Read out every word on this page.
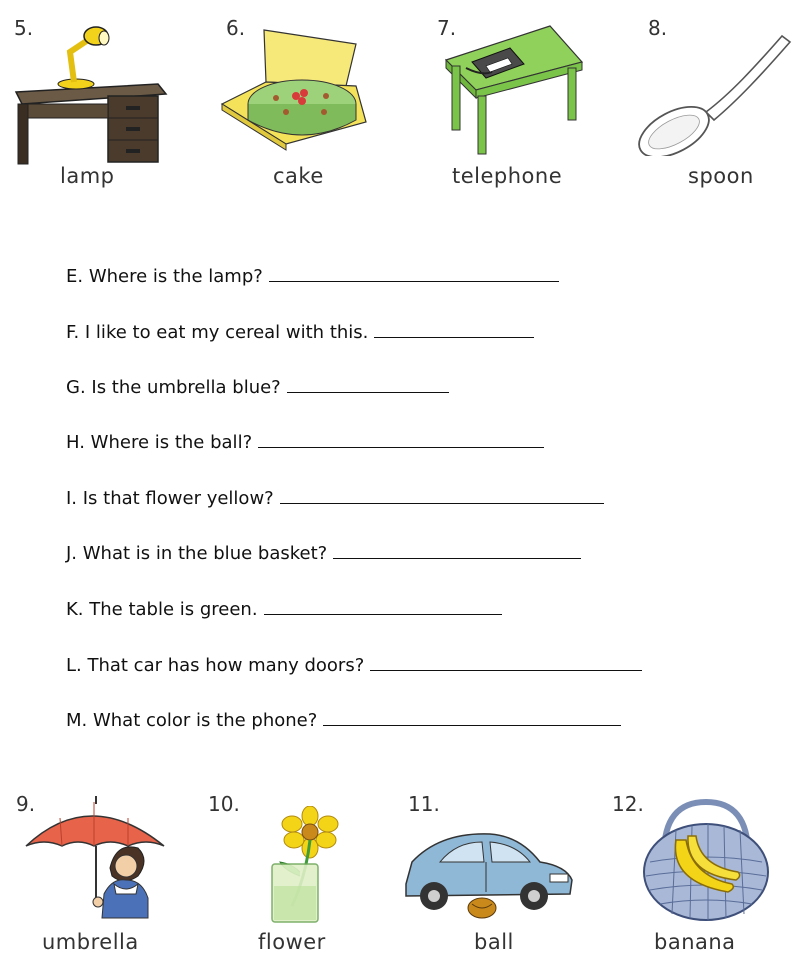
5.	6.	7.	8.
lamp	cake	telephone	spoon
E. Where is the lamp?
F. I like to eat my cereal with this.
G. Is the umbrella blue?
H. Where is the ball?
I. Is that flower yellow?
J. What is in the blue basket?
K. The table is green.
L. That car has how many doors?
M. What color is the phone?
9.	10.	11.	12.
umbrella	flower	ball	banana
